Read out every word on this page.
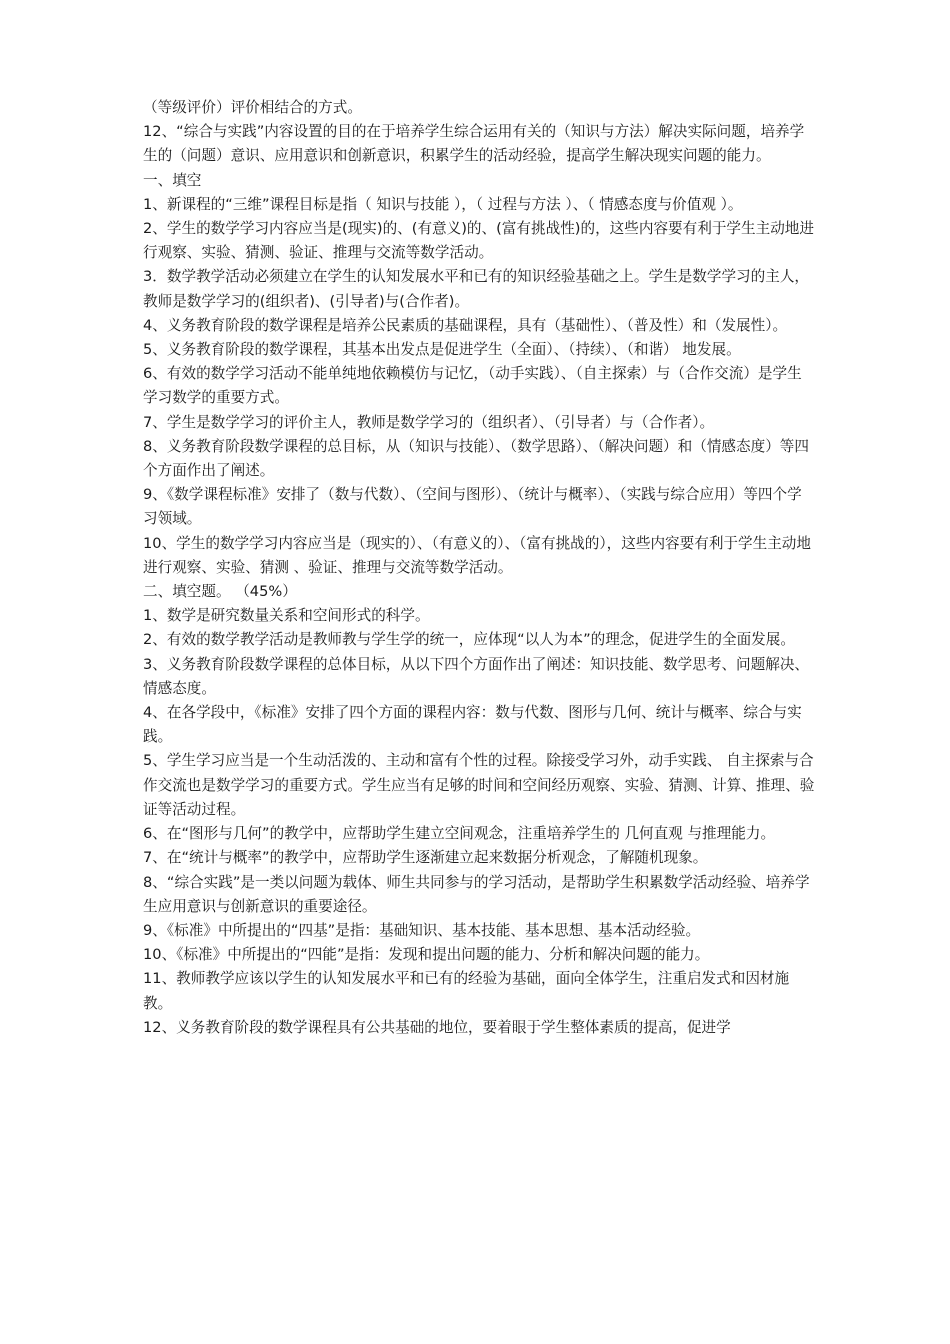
（等级评价）评价相结合的方式。

12、“综合与实践”内容设置的目的在于培养学生综合运用有关的（知识与方法）解决实际问题，培养学生的（问题）意识、应用意识和创新意识，积累学生的活动经验，提高学生解决现实问题的能力。

一、填空

1、新课程的“三维”课程目标是指（ 知识与技能 ），（ 过程与方法 ）、（ 情感态度与价值观 ）。

2、学生的数学学习内容应当是(现实)的、(有意义)的、(富有挑战性)的，这些内容要有利于学生主动地进行观察、实验、猜测、验证、推理与交流等数学活动。

3．数学教学活动必须建立在学生的认知发展水平和已有的知识经验基础之上。学生是数学学习的主人，教师是数学学习的(组织者)、(引导者)与(合作者)。

4、义务教育阶段的数学课程是培养公民素质的基础课程，具有（基础性）、（普及性）和（发展性）。

5、义务教育阶段的数学课程，其基本出发点是促进学生（全面）、（持续）、（和谐） 地发展。

6、有效的数学学习活动不能单纯地依赖模仿与记忆，（动手实践）、（自主探索）与（合作交流）是学生学习数学的重要方式。

7、学生是数学学习的评价主人，教师是数学学习的（组织者）、（引导者）与（合作者）。

8、义务教育阶段数学课程的总目标，从（知识与技能）、（数学思路）、（解决问题）和（情感态度）等四个方面作出了阐述。

9、《数学课程标准》安排了（数与代数）、（空间与图形）、（统计与概率）、（实践与综合应用）等四个学习领域。

10、学生的数学学习内容应当是（现实的）、（有意义的）、（富有挑战的），这些内容要有利于学生主动地进行观察、实验、猜测 、验证、推理与交流等数学活动。

二、填空题。 （45%）

1、数学是研究数量关系和空间形式的科学。

2、有效的数学教学活动是教师教与学生学的统一，应体现“以人为本”的理念，促进学生的全面发展。

3、义务教育阶段数学课程的总体目标，从以下四个方面作出了阐述：知识技能、数学思考、问题解决、情感态度。

4、在各学段中，《标准》安排了四个方面的课程内容：数与代数、图形与几何、统计与概率、综合与实践。

5、学生学习应当是一个生动活泼的、主动和富有个性的过程。除接受学习外，动手实践、 自主探索与合作交流也是数学学习的重要方式。学生应当有足够的时间和空间经历观察、实验、猜测、计算、推理、验证等活动过程。

6、在“图形与几何”的教学中，应帮助学生建立空间观念，注重培养学生的 几何直观 与推理能力。

7、在“统计与概率”的教学中，应帮助学生逐渐建立起来数据分析观念，了解随机现象。

8、“综合实践”是一类以问题为载体、师生共同参与的学习活动，是帮助学生积累数学活动经验、培养学生应用意识与创新意识的重要途径。

9、《标准》中所提出的“四基”是指：基础知识、基本技能、基本思想、基本活动经验。

10、《标准》中所提出的“四能”是指：发现和提出问题的能力、分析和解决问题的能力。

11、教师教学应该以学生的认知发展水平和已有的经验为基础，面向全体学生，注重启发式和因材施教。

12、义务教育阶段的数学课程具有公共基础的地位，要着眼于学生整体素质的提高，促进学
